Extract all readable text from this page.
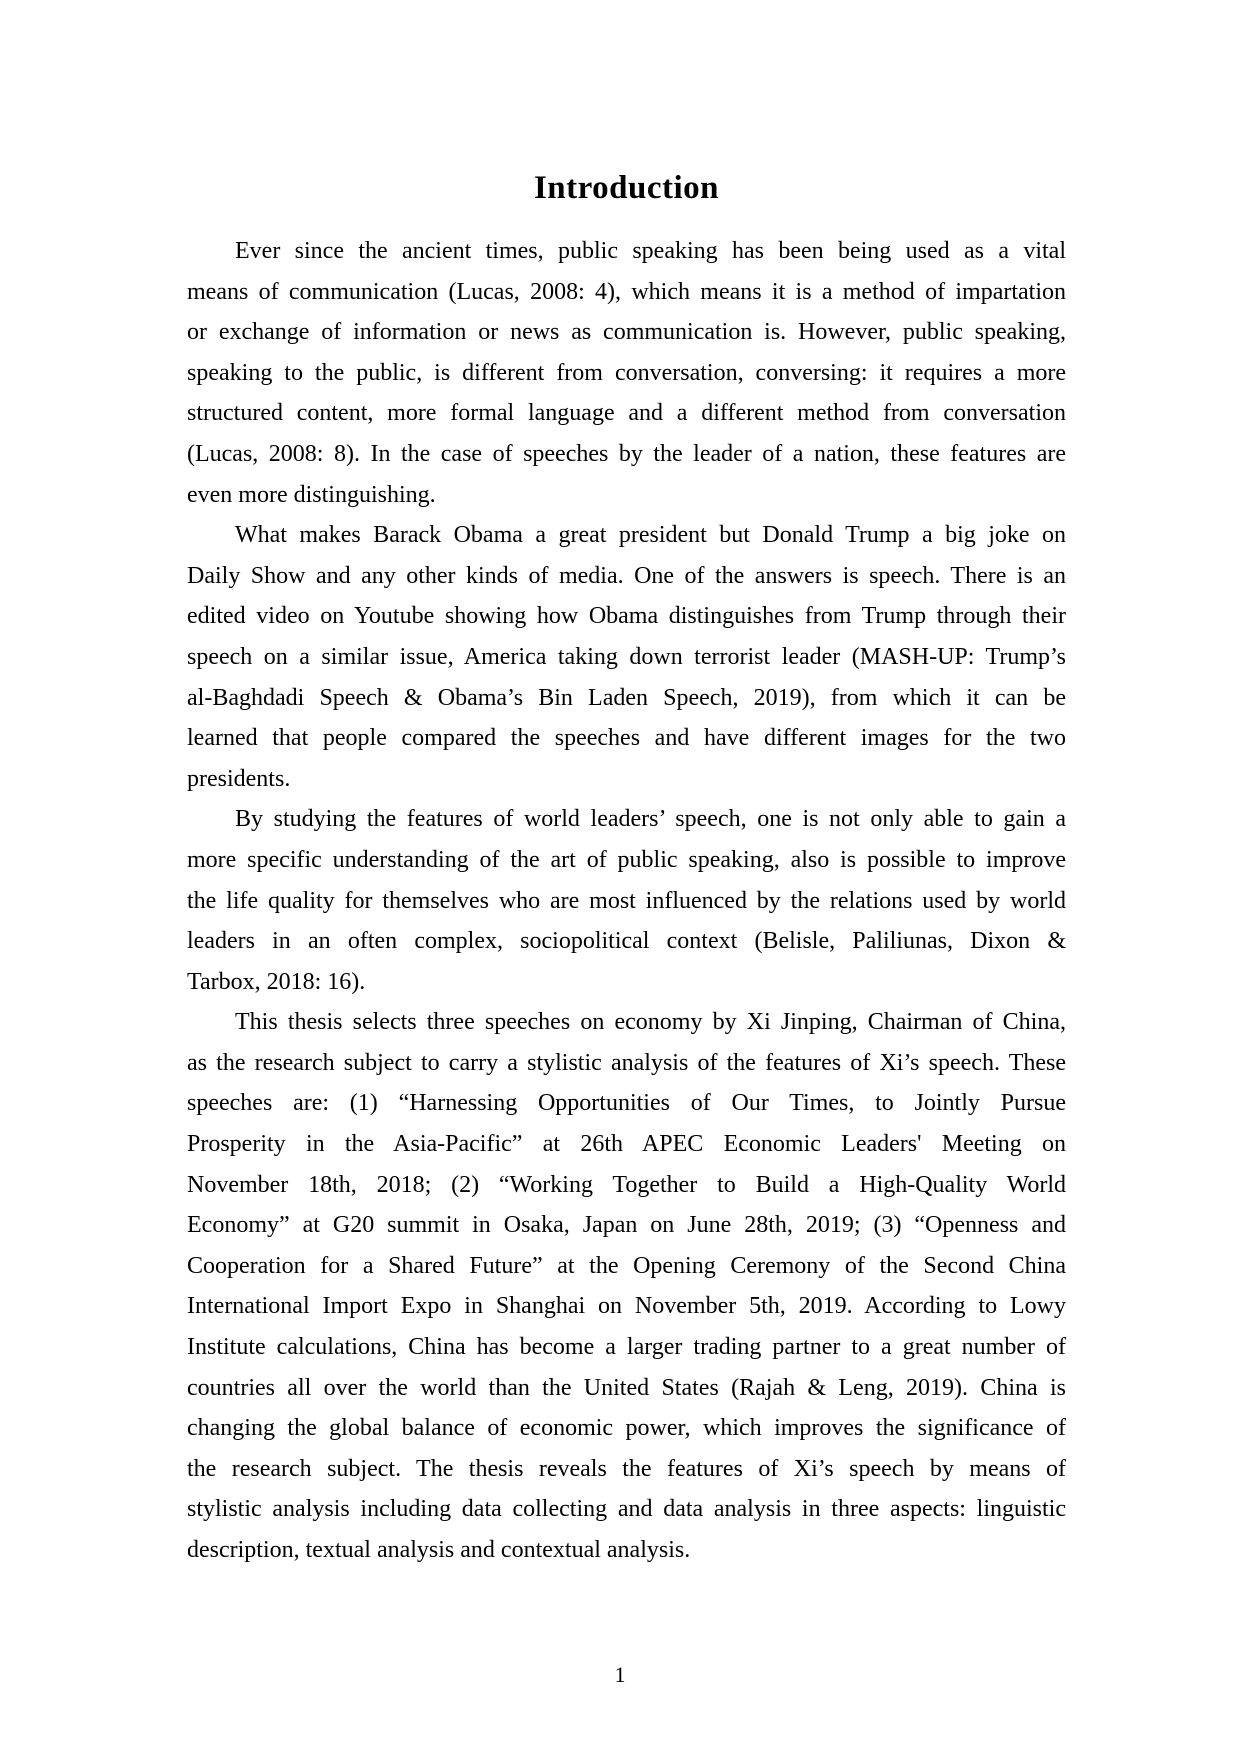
Introduction
Ever since the ancient times, public speaking has been being used as a vital
means of communication (Lucas, 2008: 4), which means it is a method of impartation
or exchange of information or news as communication is. However, public speaking,
speaking to the public, is different from conversation, conversing: it requires a more
structured content, more formal language and a different method from conversation
(Lucas, 2008: 8). In the case of speeches by the leader of a nation, these features are
even more distinguishing.
What makes Barack Obama a great president but Donald Trump a big joke on
Daily Show and any other kinds of media. One of the answers is speech. There is an
edited video on Youtube showing how Obama distinguishes from Trump through their
speech on a similar issue, America taking down terrorist leader (MASH-UP: Trump’s
al-Baghdadi Speech & Obama’s Bin Laden Speech, 2019), from which it can be
learned that people compared the speeches and have different images for the two
presidents.
By studying the features of world leaders’ speech, one is not only able to gain a
more specific understanding of the art of public speaking, also is possible to improve
the life quality for themselves who are most influenced by the relations used by world
leaders in an often complex, sociopolitical context (Belisle, Paliliunas, Dixon &
Tarbox, 2018: 16).
This thesis selects three speeches on economy by Xi Jinping, Chairman of China,
as the research subject to carry a stylistic analysis of the features of Xi’s speech. These
speeches are: (1) “Harnessing Opportunities of Our Times, to Jointly Pursue
Prosperity in the Asia-Pacific” at 26th APEC Economic Leaders' Meeting on
November 18th, 2018; (2) “Working Together to Build a High-Quality World
Economy” at G20 summit in Osaka, Japan on June 28th, 2019; (3) “Openness and
Cooperation for a Shared Future” at the Opening Ceremony of the Second China
International Import Expo in Shanghai on November 5th, 2019. According to Lowy
Institute calculations, China has become a larger trading partner to a great number of
countries all over the world than the United States (Rajah & Leng, 2019). China is
changing the global balance of economic power, which improves the significance of
the research subject. The thesis reveals the features of Xi’s speech by means of
stylistic analysis including data collecting and data analysis in three aspects: linguistic
description, textual analysis and contextual analysis.
1
